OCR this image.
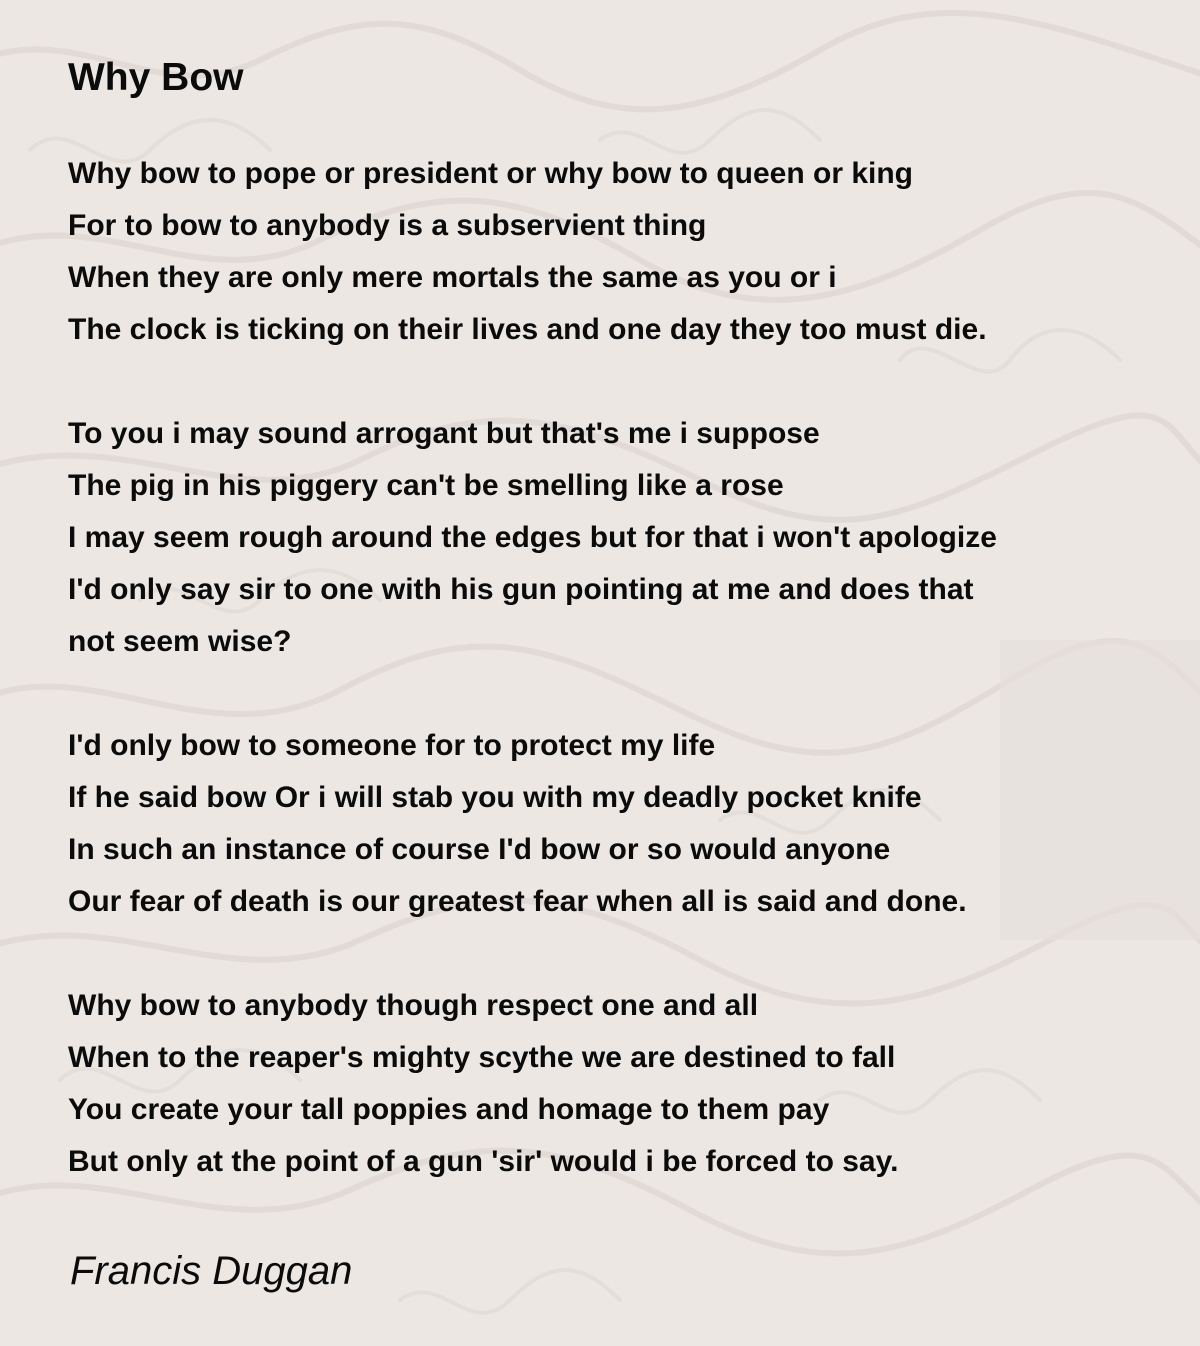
Why Bow
Why bow to pope or president or why bow to queen or king
For to bow to anybody is a subservient thing
When they are only mere mortals the same as you or i
The clock is ticking on their lives and one day they too must die.
To you i may sound arrogant but that's me i suppose
The pig in his piggery can't be smelling like a rose
I may seem rough around the edges but for that i won't apologize
I'd only say sir to one with his gun pointing at me and does that
not seem wise?
I'd only bow to someone for to protect my life
If he said bow Or i will stab you with my deadly pocket knife
In such an instance of course I'd bow or so would anyone
Our fear of death is our greatest fear when all is said and done.
Why bow to anybody though respect one and all
When to the reaper's mighty scythe we are destined to fall
You create your tall poppies and homage to them pay
But only at the point of a gun 'sir' would i be forced to say.

Francis Duggan
